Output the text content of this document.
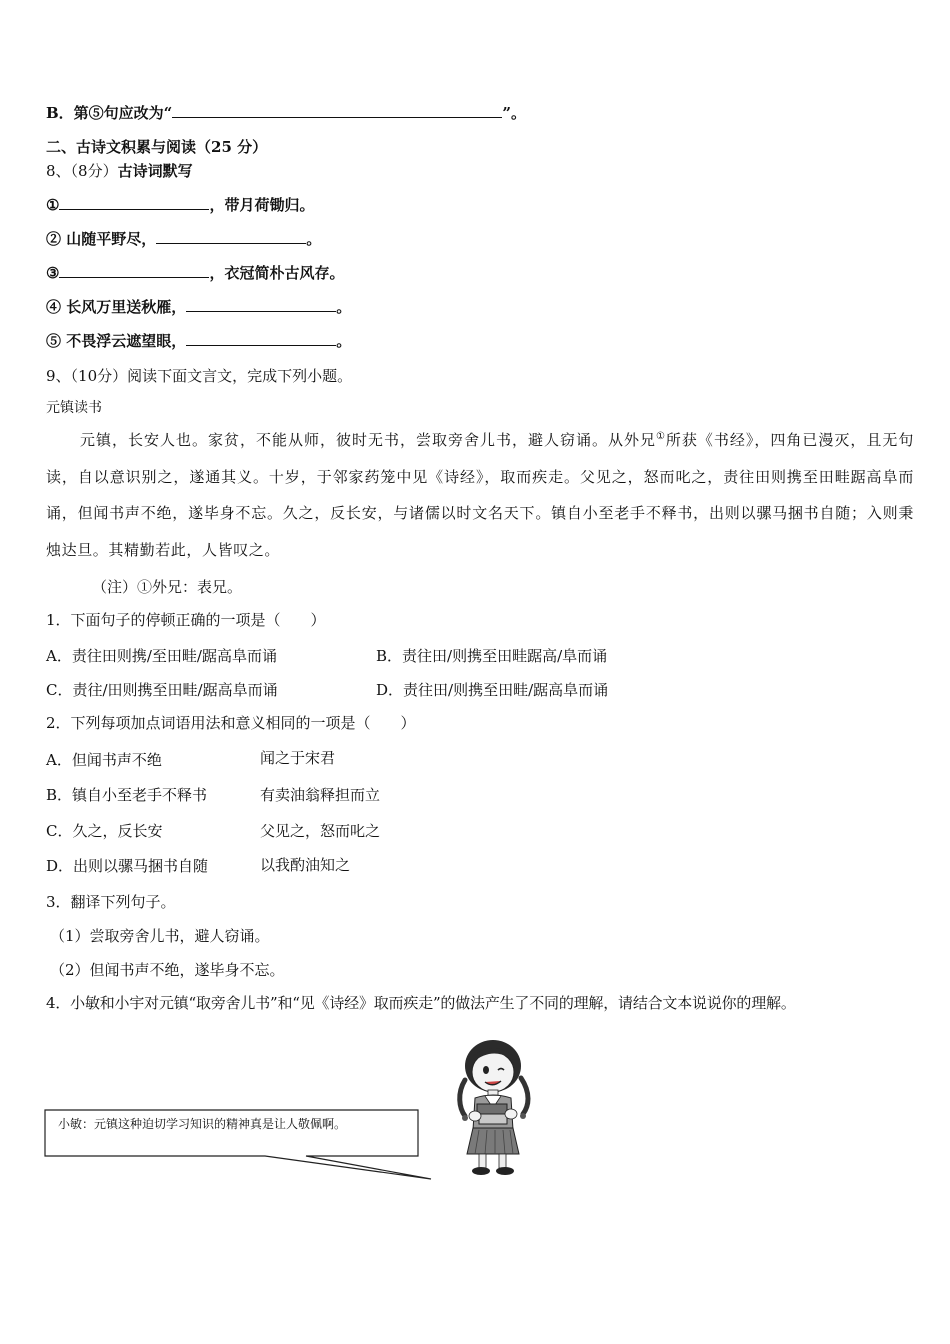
B．第⑤句应改为“	”。
二、古诗文积累与阅读（25 分）
8、（8分）古诗词默写
①	，带月荷锄归。
② 山随平野尽，	。
③	，衣冠简朴古风存。
④ 长风万里送秋雁，	。
⑤ 不畏浮云遮望眼，	。
9、（10分）阅读下面文言文，完成下列小题。
元镇读书
元镇，长安人也。家贫，不能从师，彼时无书，尝取旁舍儿书，避人窃诵。从外兄①所获《书经》，四角已漫灭，且无句读，自以意识别之，遂通其义。十岁，于邻家药笼中见《诗经》，取而疾走。父见之，怒而叱之，责往田则携至田畦踞高阜而诵，但闻书声不绝，遂毕身不忘。久之，反长安，与诸儒以时文名天下。镇自小至老手不释书，出则以骡马捆书自随；入则秉烛达旦。其精勤若此，人皆叹之。
（注）①外兄：表兄。
1．下面句子的停顿正确的一项是（　　）
A．责往田则携/至田畦/踞高阜而诵	B．责往田/则携至田畦踞高/阜而诵
C．责往/田则携至田畦/踞高阜而诵	D．责往田/则携至田畦/踞高阜而诵
2．下列每项加点词语用法和意义相同的一项是（　　）
A．但闻书声不绝	闻之于宋君
B．镇自小至老手不释书	有卖油翁释担而立
C．久之，反长安	父见之，怒而叱之
D．出则以骡马捆书自随	以我酌油知之
3．翻译下列句子。
（1）尝取旁舍儿书，避人窃诵。
（2）但闻书声不绝，遂毕身不忘。
4．小敏和小宇对元镇“取旁舍儿书”和“见《诗经》取而疾走”的做法产生了不同的理解，请结合文本说说你的理解。
小敏：元镇这种迫切学习知识的精神真是让人敬佩啊。
